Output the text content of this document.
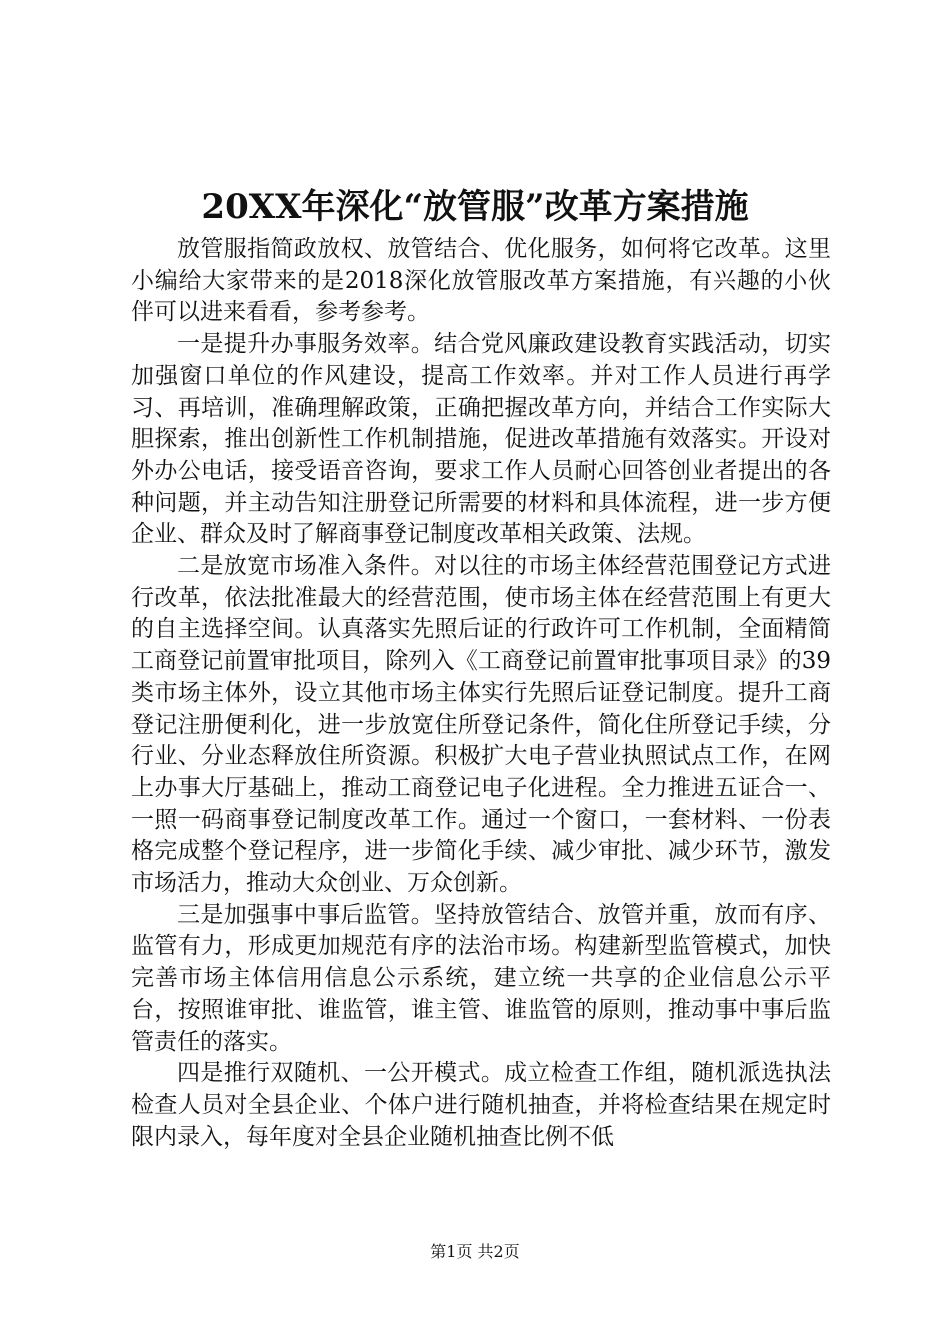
20XX年深化“放管服”改革方案措施

放管服指简政放权、放管结合、优化服务，如何将它改革。这里小编给大家带来的是2018深化放管服改革方案措施，有兴趣的小伙伴可以进来看看，参考参考。

一是提升办事服务效率。结合党风廉政建设教育实践活动，切实加强窗口单位的作风建设，提高工作效率。并对工作人员进行再学习、再培训，准确理解政策，正确把握改革方向，并结合工作实际大胆探索，推出创新性工作机制措施，促进改革措施有效落实。开设对外办公电话，接受语音咨询，要求工作人员耐心回答创业者提出的各种问题，并主动告知注册登记所需要的材料和具体流程，进一步方便企业、群众及时了解商事登记制度改革相关政策、法规。

二是放宽市场准入条件。对以往的市场主体经营范围登记方式进行改革，依法批准最大的经营范围，使市场主体在经营范围上有更大的自主选择空间。认真落实先照后证的行政许可工作机制，全面精简工商登记前置审批项目，除列入《工商登记前置审批事项目录》的39类市场主体外，设立其他市场主体实行先照后证登记制度。提升工商登记注册便利化，进一步放宽住所登记条件，简化住所登记手续，分行业、分业态释放住所资源。积极扩大电子营业执照试点工作，在网上办事大厅基础上，推动工商登记电子化进程。全力推进五证合一、一照一码商事登记制度改革工作。通过一个窗口，一套材料、一份表格完成整个登记程序，进一步简化手续、减少审批、减少环节，激发市场活力，推动大众创业、万众创新。

三是加强事中事后监管。坚持放管结合、放管并重，放而有序、监管有力，形成更加规范有序的法治市场。构建新型监管模式，加快完善市场主体信用信息公示系统，建立统一共享的企业信息公示平台，按照谁审批、谁监管，谁主管、谁监管的原则，推动事中事后监管责任的落实。

四是推行双随机、一公开模式。成立检查工作组，随机派选执法检查人员对全县企业、个体户进行随机抽查，并将检查结果在规定时限内录入，每年度对全县企业随机抽查比例不低

第1页 共2页
